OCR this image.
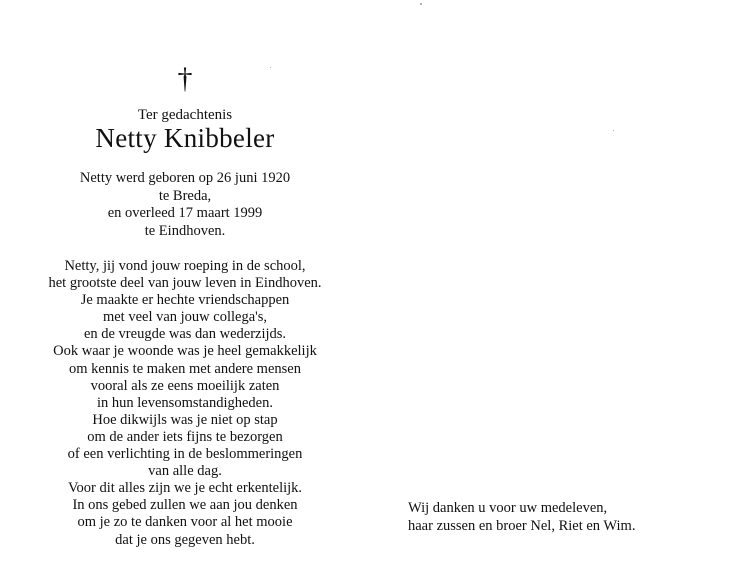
†
Ter gedachtenis
Netty Knibbeler
Netty werd geboren op 26 juni 1920
te Breda,
en overleed 17 maart 1999
te Eindhoven.
Netty, jij vond jouw roeping in de school,
het grootste deel van jouw leven in Eindhoven.
Je maakte er hechte vriendschappen
met veel van jouw collega's,
en de vreugde was dan wederzijds.
Ook waar je woonde was je heel gemakkelijk
om kennis te maken met andere mensen
vooral als ze eens moeilijk zaten
in hun levensomstandigheden.
Hoe dikwijls was je niet op stap
om de ander iets fijns te bezorgen
of een verlichting in de beslommeringen
van alle dag.
Voor dit alles zijn we je echt erkentelijk.
In ons gebed zullen we aan jou denken
om je zo te danken voor al het mooie
dat je ons gegeven hebt.
Wij danken u voor uw medeleven,
haar zussen en broer Nel, Riet en Wim.
